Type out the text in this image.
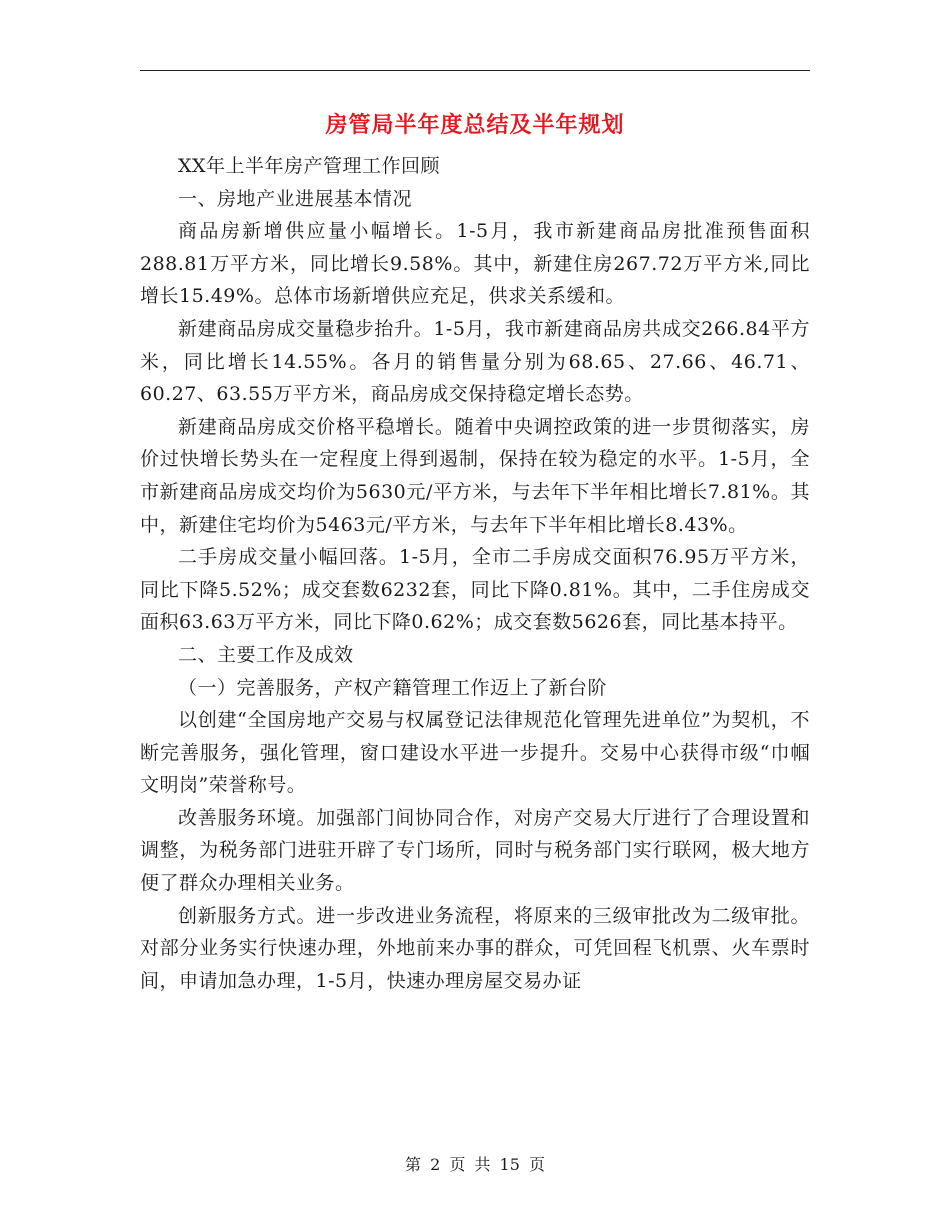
房管局半年度总结及半年规划

XX年上半年房产管理工作回顾

一、房地产业进展基本情况

商品房新增供应量小幅增长。1-5月，我市新建商品房批准预售面积288.81万平方米，同比增长9.58%。其中，新建住房267.72万平方米,同比增长15.49%。总体市场新增供应充足，供求关系缓和。

新建商品房成交量稳步抬升。1-5月，我市新建商品房共成交266.84平方米，同比增长14.55%。各月的销售量分别为68.65、27.66、46.71、60.27、63.55万平方米，商品房成交保持稳定增长态势。

新建商品房成交价格平稳增长。随着中央调控政策的进一步贯彻落实，房价过快增长势头在一定程度上得到遏制，保持在较为稳定的水平。1-5月，全市新建商品房成交均价为5630元/平方米，与去年下半年相比增长7.81%。其中，新建住宅均价为5463元/平方米，与去年下半年相比增长8.43%。

二手房成交量小幅回落。1-5月，全市二手房成交面积76.95万平方米，同比下降5.52%；成交套数6232套，同比下降0.81%。其中，二手住房成交面积63.63万平方米，同比下降0.62%；成交套数5626套，同比基本持平。

二、主要工作及成效

（一）完善服务，产权产籍管理工作迈上了新台阶

以创建“全国房地产交易与权属登记法律规范化管理先进单位”为契机，不断完善服务，强化管理，窗口建设水平进一步提升。交易中心获得市级“巾帼文明岗”荣誉称号。

改善服务环境。加强部门间协同合作，对房产交易大厅进行了合理设置和调整，为税务部门进驻开辟了专门场所，同时与税务部门实行联网，极大地方便了群众办理相关业务。

创新服务方式。进一步改进业务流程，将原来的三级审批改为二级审批。对部分业务实行快速办理，外地前来办事的群众，可凭回程飞机票、火车票时间，申请加急办理，1-5月，快速办理房屋交易办证

第 2 页 共 15 页
